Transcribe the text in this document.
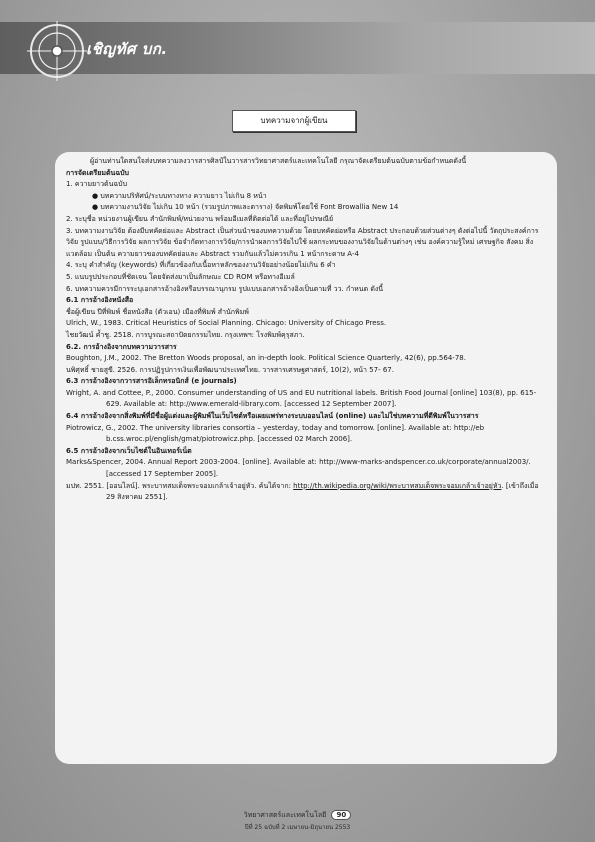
เชิญทัศ บก.
บทความจากผู้เขียน

ผู้อ่านท่านใดสนใจส่งบทความลงวารสารศิลป์ในวารสารวิทยาศาสตร์และเทคโนโลยี กรุณาจัดเตรียมต้นฉบับตามข้อกำหนดดังนี้

การจัดเตรียมต้นฉบับ

1. ความยาวต้นฉบับ

● บทความปริทัศน์/ระบบทางหาง ความยาว ไม่เกิน 8 หน้า

● บทความงานวิจัย ไม่เกิน 10 หน้า (รวมรูปภาพและตาราง) จัดพิมพ์โดยใช้ Font Browallia New 14

2. ระบุชื่อ หน่วยงานผู้เขียน สำนักพิมพ์/หน่วยงาน พร้อมอีเมลที่ติดต่อได้ และที่อยู่ไปรษณีย์

3. บทความงานวิจัย ต้องมีบทคัดย่อและ Abstract เป็นส่วนนำของบทความด้วย โดยบทคัดย่อหรือ Abstract ประกอบด้วยส่วนต่างๆ ดังต่อไปนี้ วัตถุประสงค์การวิจัย รูปแบบ/วิธีการวิจัย ผลการวิจัย ข้อจำกัดทางการวิจัย/การนำผลการวิจัยไปใช้ ผลกระทบของงานวิจัยในด้านต่างๆ เช่น องค์ความรู้ใหม่ เศรษฐกิจ สังคม สิ่งแวดล้อม เป็นต้น ความยาวของบทคัดย่อและ Abstract รวมกันแล้วไม่ควรเกิน 1 หน้ากระดาษ A-4

4. ระบุ คำสำคัญ (keywords) ที่เกี่ยวข้องกับเนื้อหาหลักของงานวิจัยอย่างน้อยไม่เกิน 6 คำ

5. แนบรูปประกอบที่ชัดเจน โดยจัดส่งมาเป็นลักษณะ CD ROM หรือทางอีเมล์

6. บทความควรมีการระบุเอกสารอ้างอิงหรือบรรณานุกรม รูปแบบเอกสารอ้างอิงเป็นตามที่ วว. กำหนด ดังนี้

6.1 การอ้างอิงหนังสือ

ชื่อผู้เขียน ปีที่พิมพ์ ชื่อหนังสือ (ตัวเอน) เมืองที่พิมพ์ สำนักพิมพ์

Ulrich, W., 1983. Critical Heuristics of Social Planning. Chicago: University of Chicago Press.

ไชยวัฒน์ ค้ำชู. 2518. การบูรณะสถาปัตยกรรมไทย. กรุงเทพฯ: โรงพิมพ์คุรุสภา.

6.2. การอ้างอิงจากบทความวารสาร

Boughton, J.M., 2002. The Bretton Woods proposal, an in-depth look. Political Science Quarterly, 42(6), pp.564-78.

นพิศุทธิ์ ชายสูขี. 2526. การปฏิรูปการเงินเพื่อพัฒนาประเทศไทย. วารสารเศรษฐศาสตร์, 10(2), หน้า 57- 67.

6.3 การอ้างอิงจากวารสารอิเล็กทรอนิกส์ (e journals)

Wright, A. and Cottee, P., 2000. Consumer understanding of US and EU nutritional labels. British Food Journal [online] 103(8), pp. 615-629. Available at: http://www.emerald-library.com. [accessed 12 September 2007].

6.4 การอ้างอิงจากสิ่งพิมพ์ที่มีชื่อผู้แต่งและผู้พิมพ์ในเว็บไซต์หรือเผยแพร่ทางระบบออนไลน์ (online) และไม่ใช่บทความที่ตีพิมพ์ในวารสาร

Piotrowicz, G., 2002. The university libraries consortia – yesterday, today and tomorrow. [online]. Available at: http://eb b.css.wroc.pl/english/gmat/piotrowicz.php. [accessed 02 March 2006].

6.5 การอ้างอิงจากเว็บไซต์ในอินเทอร์เน็ต

Marks&Spencer, 2004. Annual Report 2003-2004. [online]. Available at: http://www-marks-andspencer.co.uk/corporate/annual2003/. [accessed 17 September 2005].

มปท. 2551. [ออนไลน์]. พระบาทสมเด็จพระจอมเกล้าเจ้าอยู่หัว. ค้นได้จาก: http://th.wikipedia.org/wiki/พระบาทสมเด็จพระจอมเกล้าเจ้าอยู่หัว. [เข้าถึงเมื่อ 29 สิงหาคม 2551].

วิทยาศาสตร์และเทคโนโลยี 90
ปีที่ 25 ฉบับที่ 2 เมษายน-มิถุนายน 2553
